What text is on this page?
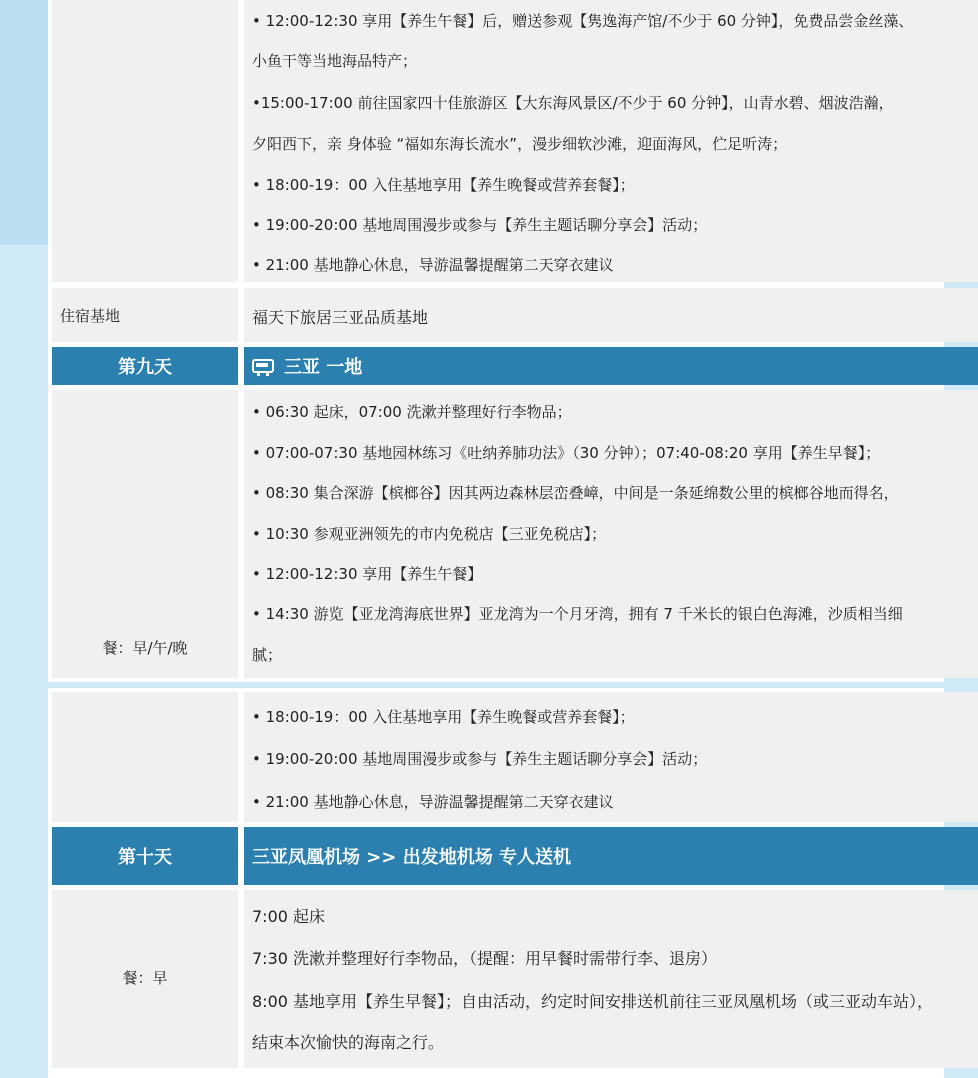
• 12:00-12:30 享用【养生午餐】后，赠送参观【隽逸海产馆/不少于 60 分钟】，免费品尝金丝藻、
小鱼干等当地海品特产；
•15:00-17:00 前往国家四十佳旅游区【大东海风景区/不少于 60 分钟】，山青水碧、烟波浩瀚，
夕阳西下，亲 身体验 “福如东海长流水”，漫步细软沙滩，迎面海风，伫足听涛；
• 18:00-19：00 入住基地享用【养生晚餐或营养套餐】；
• 19:00-20:00 基地周围漫步或参与【养生主题话聊分享会】活动；
• 21:00 基地静心休息，导游温馨提醒第二天穿衣建议
住宿基地	福天下旅居三亚品质基地
第九天	三亚 一地
餐：早/午/晚
• 06:30 起床，07:00 洗漱并整理好行李物品；
• 07:00-07:30 基地园林练习《吐纳养肺功法》（30 分钟）；07:40-08:20 享用【养生早餐】；
• 08:30 集合深游【槟榔谷】因其两边森林层峦叠嶂，中间是一条延绵数公里的槟榔谷地而得名，
• 10:30 参观亚洲领先的市内免税店【三亚免税店】；
• 12:00-12:30 享用【养生午餐】
• 14:30 游览【亚龙湾海底世界】亚龙湾为一个月牙湾，拥有 7 千米长的银白色海滩，沙质相当细
腻；
• 18:00-19：00 入住基地享用【养生晚餐或营养套餐】；
• 19:00-20:00 基地周围漫步或参与【养生主题话聊分享会】活动；
• 21:00 基地静心休息，导游温馨提醒第二天穿衣建议
第十天	三亚凤凰机场 >> 出发地机场 专人送机
餐：早
7:00 起床
7:30 洗漱并整理好行李物品，（提醒：用早餐时需带行李、退房）
8:00 基地享用【养生早餐】；自由活动，约定时间安排送机前往三亚凤凰机场（或三亚动车站），
结束本次愉快的海南之行。
